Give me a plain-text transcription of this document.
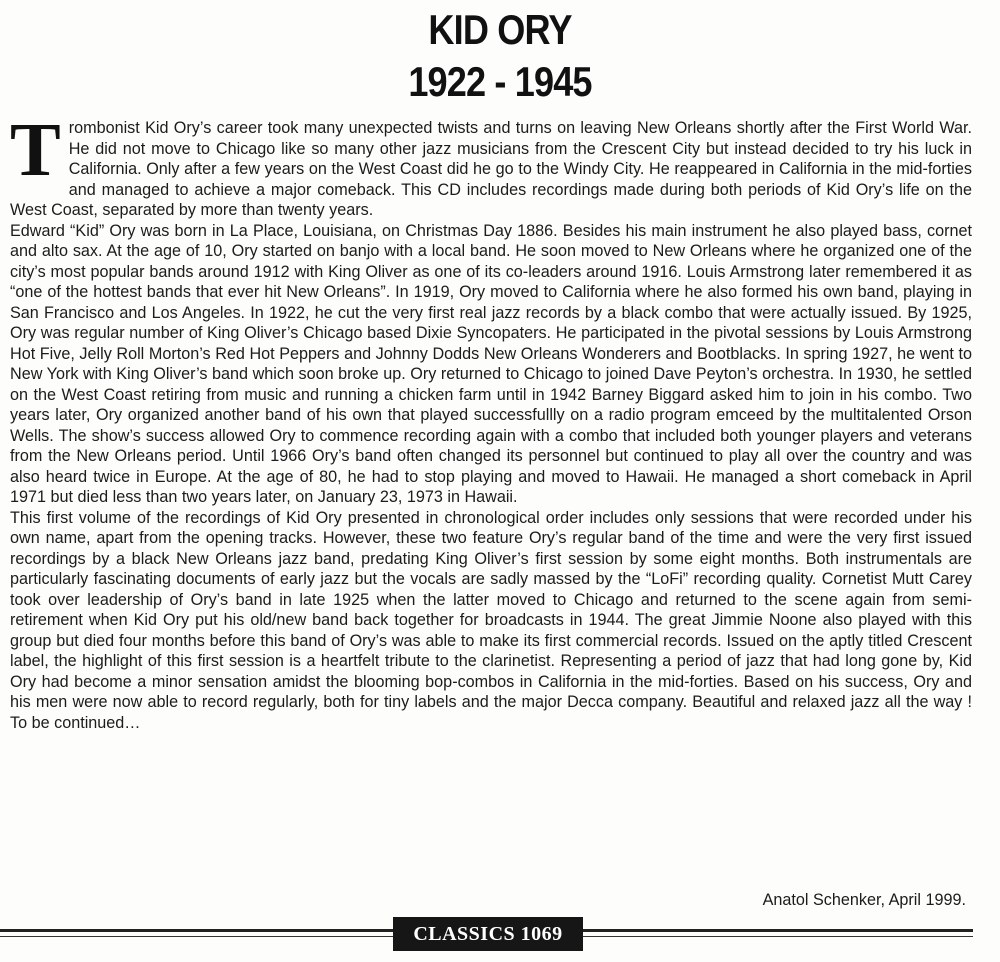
KID ORY
1922 - 1945

Trombonist Kid Ory’s career took many unexpected twists and turns on leaving New Orleans shortly after the First World War. He did not move to Chicago like so many other jazz musicians from the Crescent City but instead decided to try his luck in California. Only after a few years on the West Coast did he go to the Windy City. He reappeared in California in the mid-forties and managed to achieve a major comeback. This CD includes recordings made during both periods of Kid Ory’s life on the West Coast, separated by more than twenty years.

Edward “Kid” Ory was born in La Place, Louisiana, on Christmas Day 1886. Besides his main instrument he also played bass, cornet and alto sax. At the age of 10, Ory started on banjo with a local band. He soon moved to New Orleans where he organized one of the city’s most popular bands around 1912 with King Oliver as one of its co-leaders around 1916. Louis Armstrong later remembered it as “one of the hottest bands that ever hit New Orleans”. In 1919, Ory moved to California where he also formed his own band, playing in San Francisco and Los Angeles. In 1922, he cut the very first real jazz records by a black combo that were actually issued. By 1925, Ory was regular number of King Oliver’s Chicago based Dixie Syncopaters. He participated in the pivotal sessions by Louis Armstrong Hot Five, Jelly Roll Morton’s Red Hot Peppers and Johnny Dodds New Orleans Wonderers and Bootblacks. In spring 1927, he went to New York with King Oliver’s band which soon broke up. Ory returned to Chicago to joined Dave Peyton’s orchestra. In 1930, he settled on the West Coast retiring from music and running a chicken farm until in 1942 Barney Biggard asked him to join in his combo. Two years later, Ory organized another band of his own that played successfullly on a radio program emceed by the multitalented Orson Wells. The show’s success allowed Ory to commence recording again with a combo that included both younger players and veterans from the New Orleans period. Until 1966 Ory’s band often changed its personnel but continued to play all over the country and was also heard twice in Europe. At the age of 80, he had to stop playing and moved to Hawaii. He managed a short comeback in April 1971 but died less than two years later, on January 23, 1973 in Hawaii.

This first volume of the recordings of Kid Ory presented in chronological order includes only sessions that were recorded under his own name, apart from the opening tracks. However, these two feature Ory’s regular band of the time and were the very first issued recordings by a black New Orleans jazz band, predating King Oliver’s first session by some eight months. Both instrumentals are particularly fascinating documents of early jazz but the vocals are sadly massed by the “LoFi” recording quality. Cornetist Mutt Carey took over leadership of Ory’s band in late 1925 when the latter moved to Chicago and returned to the scene again from semi-retirement when Kid Ory put his old/new band back together for broadcasts in 1944. The great Jimmie Noone also played with this group but died four months before this band of Ory’s was able to make its first commercial records. Issued on the aptly titled Crescent label, the highlight of this first session is a heartfelt tribute to the clarinetist. Representing a period of jazz that had long gone by, Kid Ory had become a minor sensation amidst the blooming bop-combos in California in the mid-forties. Based on his success, Ory and his men were now able to record regularly, both for tiny labels and the major Decca company. Beautiful and relaxed jazz all the way ! To be continued…

Anatol Schenker, April 1999.
CLASSICS 1069
